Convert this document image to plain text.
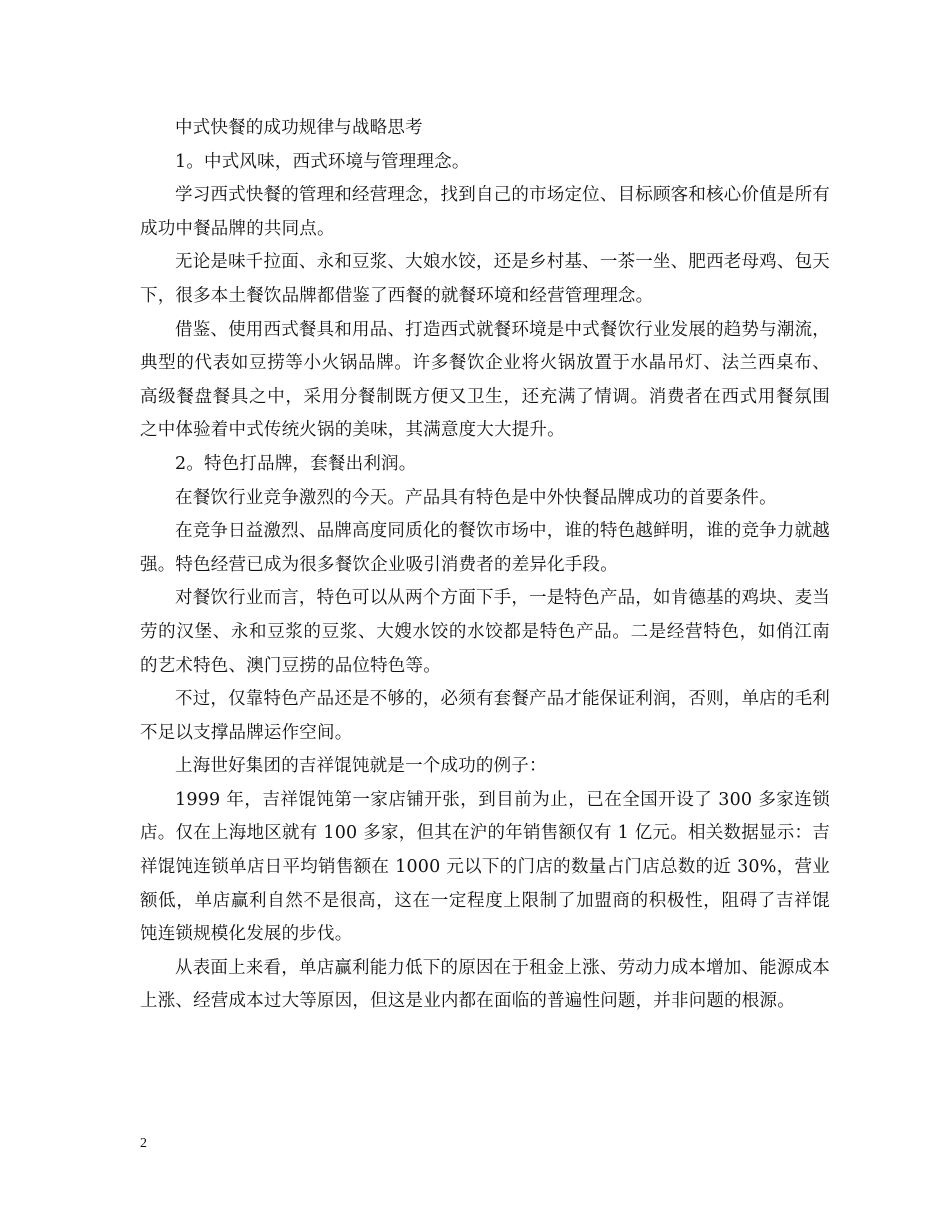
中式快餐的成功规律与战略思考

1。中式风味，西式环境与管理理念。

学习西式快餐的管理和经营理念，找到自己的市场定位、目标顾客和核心价值是所有成功中餐品牌的共同点。

无论是味千拉面、永和豆浆、大娘水饺，还是乡村基、一茶一坐、肥西老母鸡、包天下，很多本土餐饮品牌都借鉴了西餐的就餐环境和经营管理理念。

借鉴、使用西式餐具和用品、打造西式就餐环境是中式餐饮行业发展的趋势与潮流，典型的代表如豆捞等小火锅品牌。许多餐饮企业将火锅放置于水晶吊灯、法兰西桌布、高级餐盘餐具之中，采用分餐制既方便又卫生，还充满了情调。消费者在西式用餐氛围之中体验着中式传统火锅的美味，其满意度大大提升。

2。特色打品牌，套餐出利润。

在餐饮行业竞争激烈的今天。产品具有特色是中外快餐品牌成功的首要条件。

在竞争日益激烈、品牌高度同质化的餐饮市场中，谁的特色越鲜明，谁的竞争力就越强。特色经营已成为很多餐饮企业吸引消费者的差异化手段。

对餐饮行业而言，特色可以从两个方面下手，一是特色产品，如肯德基的鸡块、麦当劳的汉堡、永和豆浆的豆浆、大嫂水饺的水饺都是特色产品。二是经营特色，如俏江南的艺术特色、澳门豆捞的品位特色等。

不过，仅靠特色产品还是不够的，必须有套餐产品才能保证利润，否则，单店的毛利不足以支撑品牌运作空间。

上海世好集团的吉祥馄饨就是一个成功的例子：

1999 年，吉祥馄饨第一家店铺开张，到目前为止，已在全国开设了 300 多家连锁店。仅在上海地区就有 100 多家，但其在沪的年销售额仅有 1 亿元。相关数据显示：吉祥馄饨连锁单店日平均销售额在 1000 元以下的门店的数量占门店总数的近 30%，营业额低，单店赢利自然不是很高，这在一定程度上限制了加盟商的积极性，阻碍了吉祥馄饨连锁规模化发展的步伐。

从表面上来看，单店赢利能力低下的原因在于租金上涨、劳动力成本增加、能源成本上涨、经营成本过大等原因，但这是业内都在面临的普遍性问题，并非问题的根源。

2
